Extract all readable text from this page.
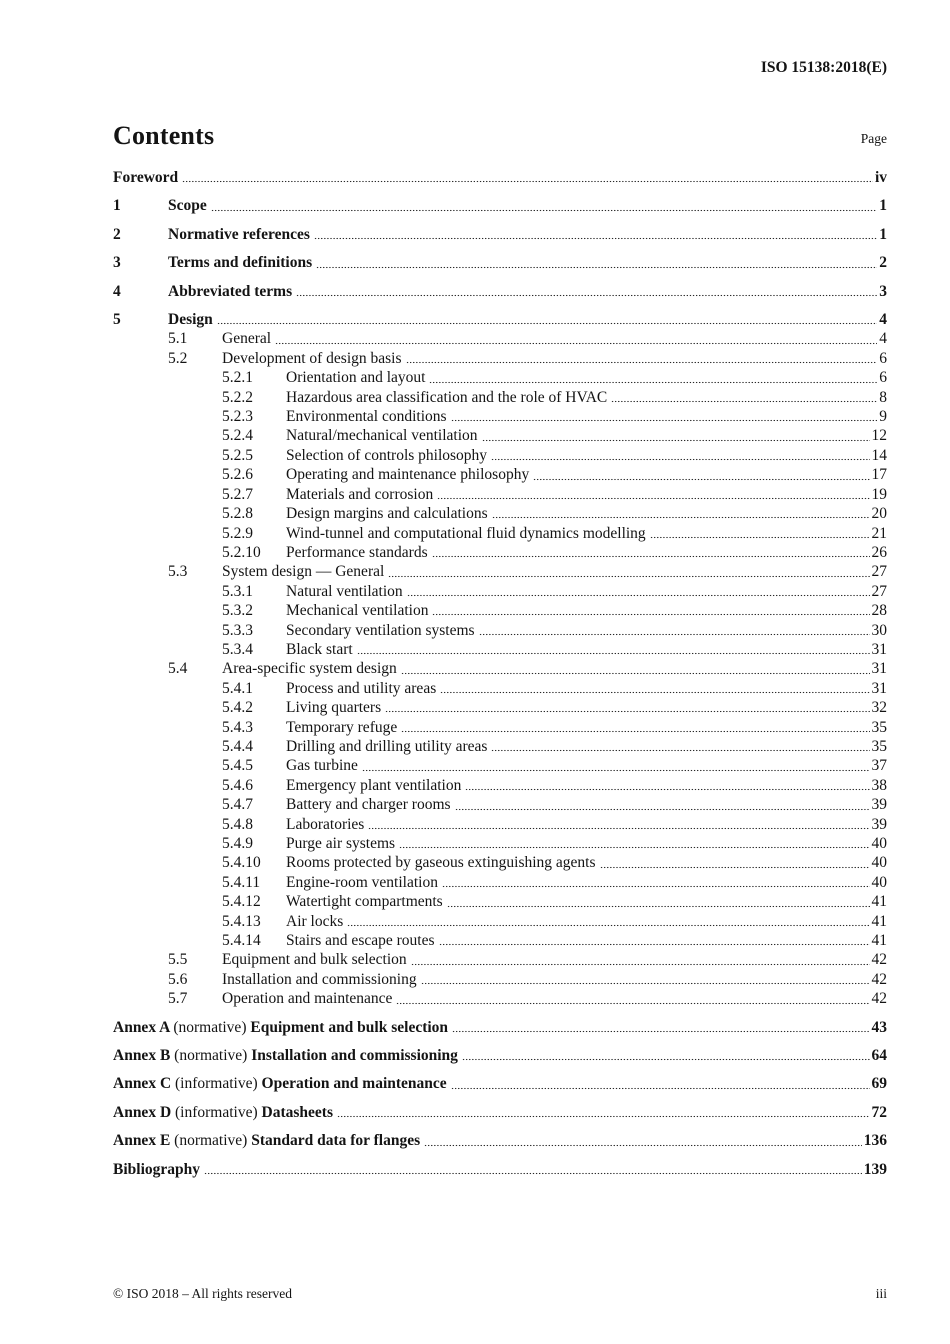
ISO 15138:2018(E)
Contents	Page
Foreword	iv
1	Scope	1
2	Normative references	1
3	Terms and definitions	2
4	Abbreviated terms	3
5	Design	4
5.1	General	4
5.2	Development of design basis	6
5.2.1	Orientation and layout	6
5.2.2	Hazardous area classification and the role of HVAC	8
5.2.3	Environmental conditions	9
5.2.4	Natural/mechanical ventilation	12
5.2.5	Selection of controls philosophy	14
5.2.6	Operating and maintenance philosophy	17
5.2.7	Materials and corrosion	19
5.2.8	Design margins and calculations	20
5.2.9	Wind-tunnel and computational fluid dynamics modelling	21
5.2.10	Performance standards	26
5.3	System design — General	27
5.3.1	Natural ventilation	27
5.3.2	Mechanical ventilation	28
5.3.3	Secondary ventilation systems	30
5.3.4	Black start	31
5.4	Area-specific system design	31
5.4.1	Process and utility areas	31
5.4.2	Living quarters	32
5.4.3	Temporary refuge	35
5.4.4	Drilling and drilling utility areas	35
5.4.5	Gas turbine	37
5.4.6	Emergency plant ventilation	38
5.4.7	Battery and charger rooms	39
5.4.8	Laboratories	39
5.4.9	Purge air systems	40
5.4.10	Rooms protected by gaseous extinguishing agents	40
5.4.11	Engine-room ventilation	40
5.4.12	Watertight compartments	41
5.4.13	Air locks	41
5.4.14	Stairs and escape routes	41
5.5	Equipment and bulk selection	42
5.6	Installation and commissioning	42
5.7	Operation and maintenance	42
Annex A (normative) Equipment and bulk selection	43
Annex B (normative) Installation and commissioning	64
Annex C (informative) Operation and maintenance	69
Annex D (informative) Datasheets	72
Annex E (normative) Standard data for flanges	136
Bibliography	139
© ISO 2018 – All rights reserved	iii
